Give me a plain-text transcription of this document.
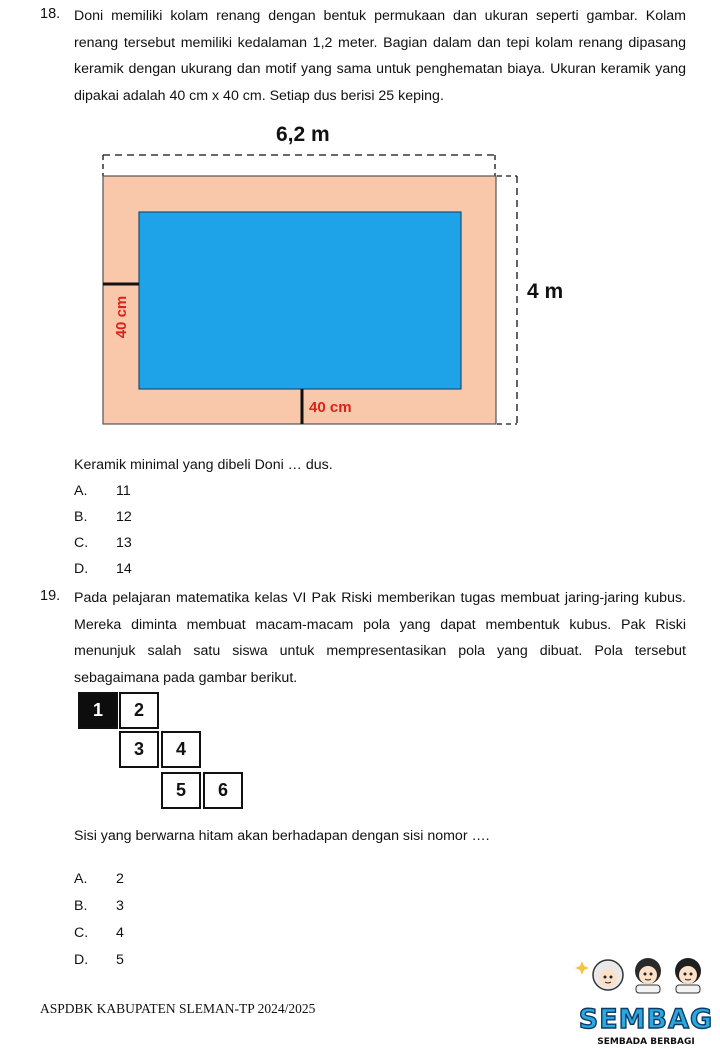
18. Doni memiliki kolam renang dengan bentuk permukaan dan ukuran seperti gambar. Kolam renang tersebut memiliki kedalaman 1,2 meter. Bagian dalam dan tepi kolam renang dipasang keramik dengan ukurang dan motif yang sama untuk penghematan biaya. Ukuran keramik yang dipakai adalah 40 cm x 40 cm. Setiap dus berisi 25 keping.

6,2 m
4 m
40 cm
40 cm
Keramik minimal yang dibeli Doni … dus.
A. 11
B. 12
C. 13
D. 14
19. Pada pelajaran matematika kelas VI Pak Riski memberikan tugas membuat jaring-jaring kubus. Mereka diminta membuat macam-macam pola yang dapat membentuk kubus. Pak Riski menunjuk salah satu siswa untuk mempresentasikan pola yang dibuat. Pola tersebut sebagaimana pada gambar berikut.

1	2
3	4
5	6
Sisi yang berwarna hitam akan berhadapan dengan sisi nomor ….
A. 2
B. 3
C. 4
D. 5
ASPDBK KABUPATEN SLEMAN-TP 2024/2025	SEMBAG
SEMBADA BERBAGI
